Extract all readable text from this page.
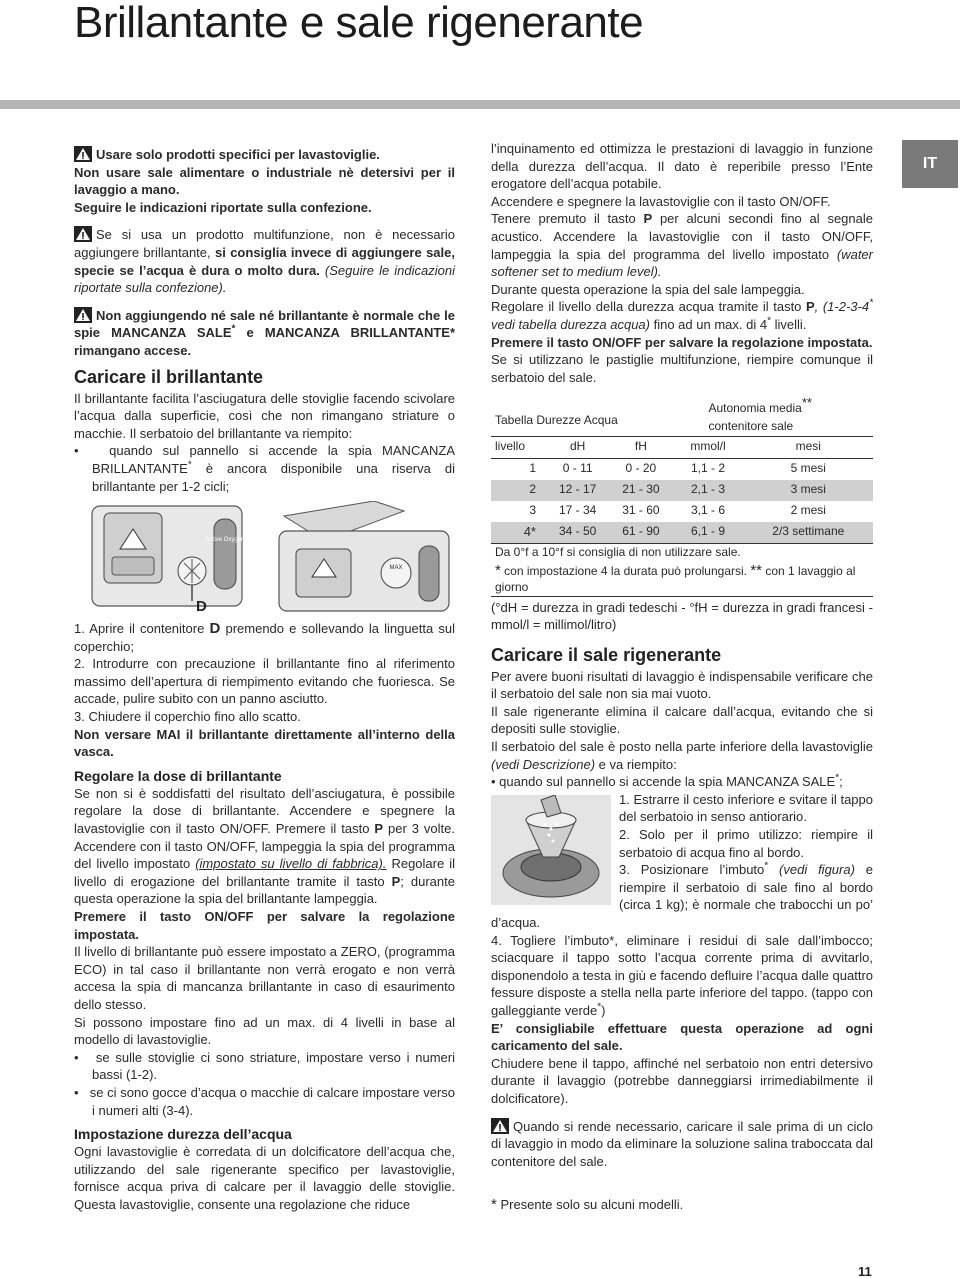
Brillantante e sale rigenerante
IT

Usare solo prodotti specifici per lavastoviglie.
Non usare sale alimentare o industriale nè detersivi per il lavaggio a mano.
Seguire le indicazioni riportate sulla confezione.

Se si usa un prodotto multifunzione, non è necessario aggiungere brillantante, si consiglia invece di aggiungere sale, specie se l’acqua è dura o molto dura. (Seguire le indicazioni riportate sulla confezione).

Non aggiungendo né sale né brillantante è normale che le spie MANCANZA SALE* e MANCANZA BRILLANTANTE* rimangano accese.

Caricare il brillantante

Il brillantante facilita l’asciugatura delle stoviglie facendo scivolare l’acqua dalla superficie, così che non rimangano striature o macchie. Il serbatoio del brillantante va riempito:

•   quando sul pannello si accende la spia MANCANZA BRILLANTANTE* è ancora disponibile una riserva di brillantante per 1-2 cicli;

Active Oxygen
MAX
D

1. Aprire il contenitore D premendo e sollevando la linguetta sul coperchio;

2. Introdurre con precauzione il brillantante fino al riferimento massimo dell’apertura di riempimento evitando che fuoriesca. Se accade, pulire subito con un panno asciutto.

3. Chiudere il coperchio fino allo scatto.

Non versare MAI il brillantante direttamente all’interno della vasca.

Regolare la dose di brillantante

Se non si è soddisfatti del risultato dell’asciugatura, è possibile regolare la dose di brillantante. Accendere e spegnere la lavastoviglie con il tasto ON/OFF. Premere il tasto P per 3 volte. Accendere con il tasto ON/OFF, lampeggia la spia del programma del livello impostato (impostato su livello di fabbrica). Regolare il livello di erogazione del brillantante tramite il tasto P; durante questa operazione la spia del brillantante lampeggia.

Premere il tasto ON/OFF per salvare la regolazione impostata.

Il livello di brillantante può essere impostato a ZERO, (programma ECO) in tal caso il brillantante non verrà erogato e non verrà accesa la spia di mancanza brillantante in caso di esaurimento dello stesso.

Si possono impostare fino ad un max. di 4 livelli in base al modello di lavastoviglie.

•   se sulle stoviglie ci sono striature, impostare verso i numeri bassi (1-2).

•   se ci sono gocce d’acqua o macchie di calcare impostare verso i numeri alti (3-4).

Impostazione durezza dell’acqua

Ogni lavastoviglie è corredata di un dolcificatore dell’acqua che, utilizzando del sale rigenerante specifico per lavastoviglie, fornisce acqua priva di calcare per il lavaggio delle stoviglie. Questa lavastoviglie, consente una regolazione che riduce

l’inquinamento ed ottimizza le prestazioni di lavaggio in funzione della durezza dell’acqua. Il dato è reperibile presso l’Ente erogatore dell’acqua potabile.

Accendere e spegnere la lavastoviglie con il tasto ON/OFF.

Tenere premuto il tasto P per alcuni secondi fino al segnale acustico. Accendere la lavastoviglie con il tasto ON/OFF, lampeggia la spia del programma del livello impostato (water softener set to medium level).

Durante questa operazione la spia del sale lampeggia.

Regolare il livello della durezza acqua tramite il tasto P, (1-2-3-4* vedi tabella durezza acqua) fino ad un max. di 4* livelli.

Premere il tasto ON/OFF per salvare la regolazione impostata.

Se si utilizzano le pastiglie multifunzione, riempire comunque il serbatoio del sale.

Tabella Durezze Acqua			Autonomia media**
contenitore sale	
livello	dH	fH	mmol/l	mesi
1	0 - 11	0 - 20	1,1 - 2	5 mesi
2	12 - 17	21 - 30	2,1 - 3	3 mesi
3	17 - 34	31 - 60	3,1 - 6	2 mesi
4*	34 - 50	61 - 90	6,1 - 9	2/3 settimane
Da 0°f a 10°f si consiglia di non utilizzare sale.				
* con impostazione 4 la durata può prolungarsi. ** con 1 lavaggio al giorno				

(°dH = durezza in gradi tedeschi - °fH = durezza in gradi francesi - mmol/l = millimol/litro)

Caricare il sale rigenerante

Per avere buoni risultati di lavaggio è indispensabile verificare che il serbatoio del sale non sia mai vuoto.

Il sale rigenerante elimina il calcare dall’acqua, evitando che si depositi sulle stoviglie.

Il serbatoio del sale è posto nella parte inferiore della lavastoviglie (vedi Descrizione) e va riempito:

• quando sul pannello si accende la spia MANCANZA SALE*;

1. Estrarre il cesto inferiore e svitare il tappo del serbatoio in senso antiorario.

2. Solo per il primo utilizzo: riempire il serbatoio di acqua fino al bordo.

3. Posizionare l’imbuto* (vedi figura) e riempire il serbatoio di sale fino al bordo (circa 1 kg); è normale che trabocchi un po’ d’acqua.

4. Togliere l’imbuto*, eliminare i residui di sale dall’imbocco; sciacquare il tappo sotto l’acqua corrente prima di avvitarlo, disponendolo a testa in giù e facendo defluire l’acqua dalle quattro fessure disposte a stella nella parte inferiore del tappo. (tappo con galleggiante verde*)

E’ consigliabile effettuare questa operazione ad ogni caricamento del sale.

Chiudere bene il tappo, affinché nel serbatoio non entri detersivo durante il lavaggio (potrebbe danneggiarsi irrimediabilmente il dolcificatore).

Quando si rende necessario, caricare il sale prima di un ciclo di lavaggio in modo da eliminare la soluzione salina traboccata dal contenitore del sale.

* Presente solo su alcuni modelli.

11
